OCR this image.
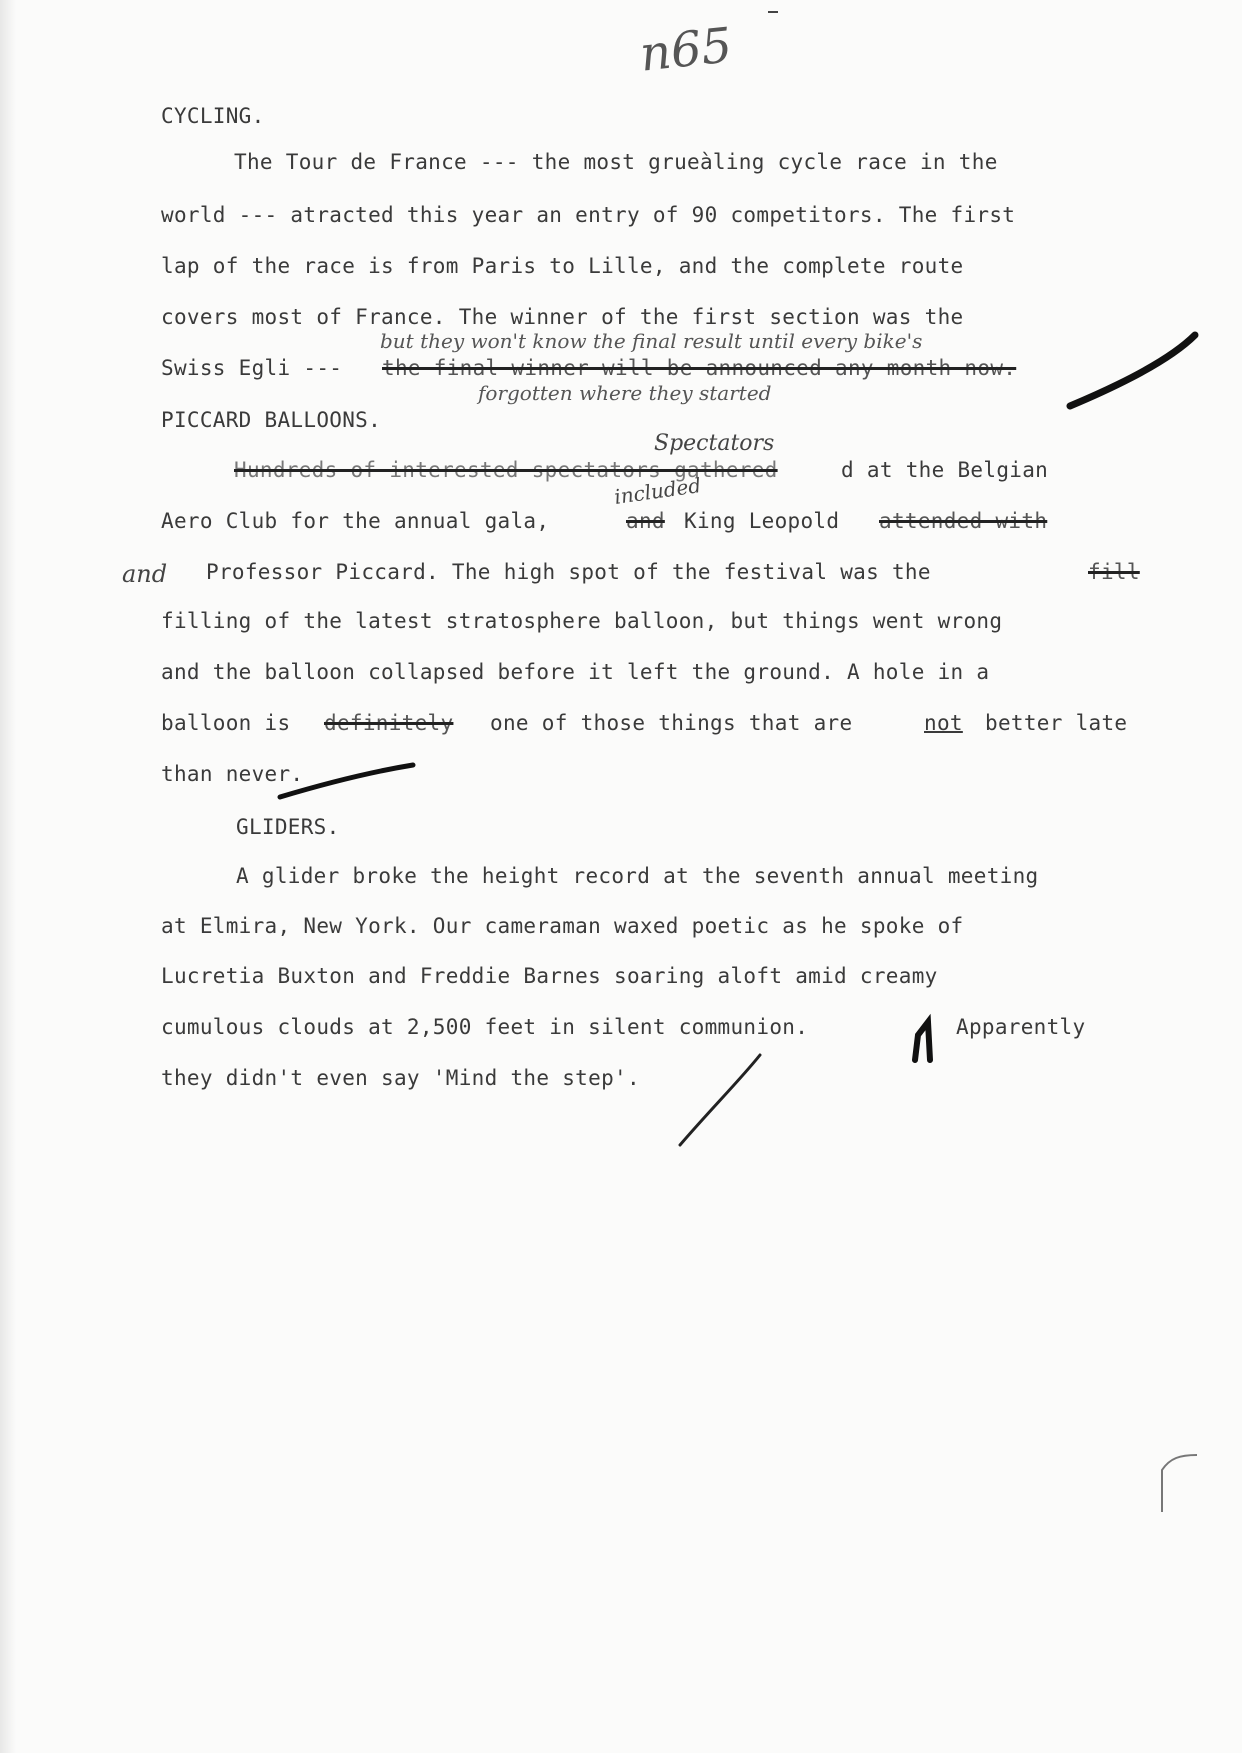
n65
CYCLING.
The Tour de France --- the most grueàling cycle race in the
world --- atracted this year an entry of 90 competitors. The first
lap of the race is from Paris to Lille, and the complete route
covers most of France. The winner of the first section was the
but they won't know the final result until every bike's
Swiss Egli --- the final winner will be announced any month now.
forgotten where they started
PICCARD BALLOONS.
Spectators
Hundreds of interested spectators gathered	d at the Belgian
included
Aero Club for the annual gala,	and King Leopold attended with
and Professor Piccard. The high spot of the festival was the	fill
filling of the latest stratosphere balloon, but things went wrong
and the balloon collapsed before it left the ground. A hole in a
balloon is definitely one of those things that are	not better late
than never.
GLIDERS.
A glider broke the height record at the seventh annual meeting
at Elmira, New York. Our cameraman waxed poetic as he spoke of
Lucretia Buxton and Freddie Barnes soaring aloft amid creamy
cumulous clouds at 2,500 feet in silent communion.	Apparently
they didn't even say 'Mind the step'.
